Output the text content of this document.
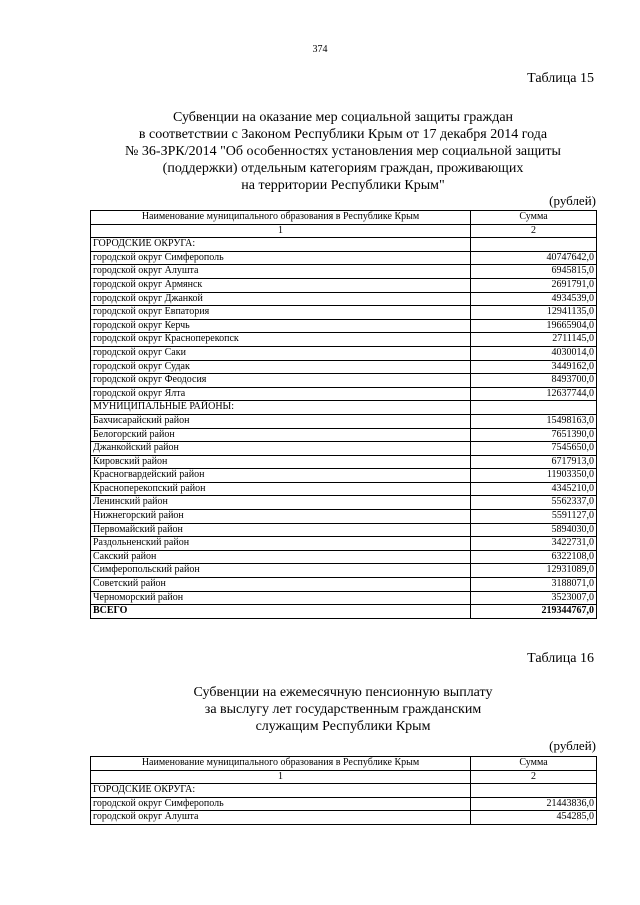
374
Таблица 15
Субвенции на оказание мер социальной защиты граждан
в соответствии с Законом Республики Крым от 17 декабря 2014 года
№ 36-ЗРК/2014 "Об особенностях установления мер социальной защиты
(поддержки) отдельным категориям граждан, проживающих
на территории Республики Крым"
(рублей)
Наименование муниципального образования в Республике Крым	Сумма
1	2
ГОРОДСКИЕ ОКРУГА:	
городской округ Симферополь	40747642,0
городской округ Алушта	6945815,0
городской округ Армянск	2691791,0
городской округ Джанкой	4934539,0
городской округ Евпатория	12941135,0
городской округ Керчь	19665904,0
городской округ Красноперекопск	2711145,0
городской округ Саки	4030014,0
городской округ Судак	3449162,0
городской округ Феодосия	8493700,0
городской округ Ялта	12637744,0
МУНИЦИПАЛЬНЫЕ РАЙОНЫ:	
Бахчисарайский район	15498163,0
Белогорский район	7651390,0
Джанкойский район	7545650,0
Кировский район	6717913,0
Красногвардейский район	11903350,0
Красноперекопский район	4345210,0
Ленинский район	5562337,0
Нижнегорский район	5591127,0
Первомайский район	5894030,0
Раздольненский район	3422731,0
Сакский район	6322108,0
Симферопольский район	12931089,0
Советский район	3188071,0
Черноморский район	3523007,0
ВСЕГО	219344767,0
Таблица 16
Субвенции на ежемесячную пенсионную выплату
за выслугу лет государственным гражданским
служащим Республики Крым
(рублей)
Наименование муниципального образования в Республике Крым	Сумма
1	2
ГОРОДСКИЕ ОКРУГА:	
городской округ Симферополь	21443836,0
городской округ Алушта	454285,0
